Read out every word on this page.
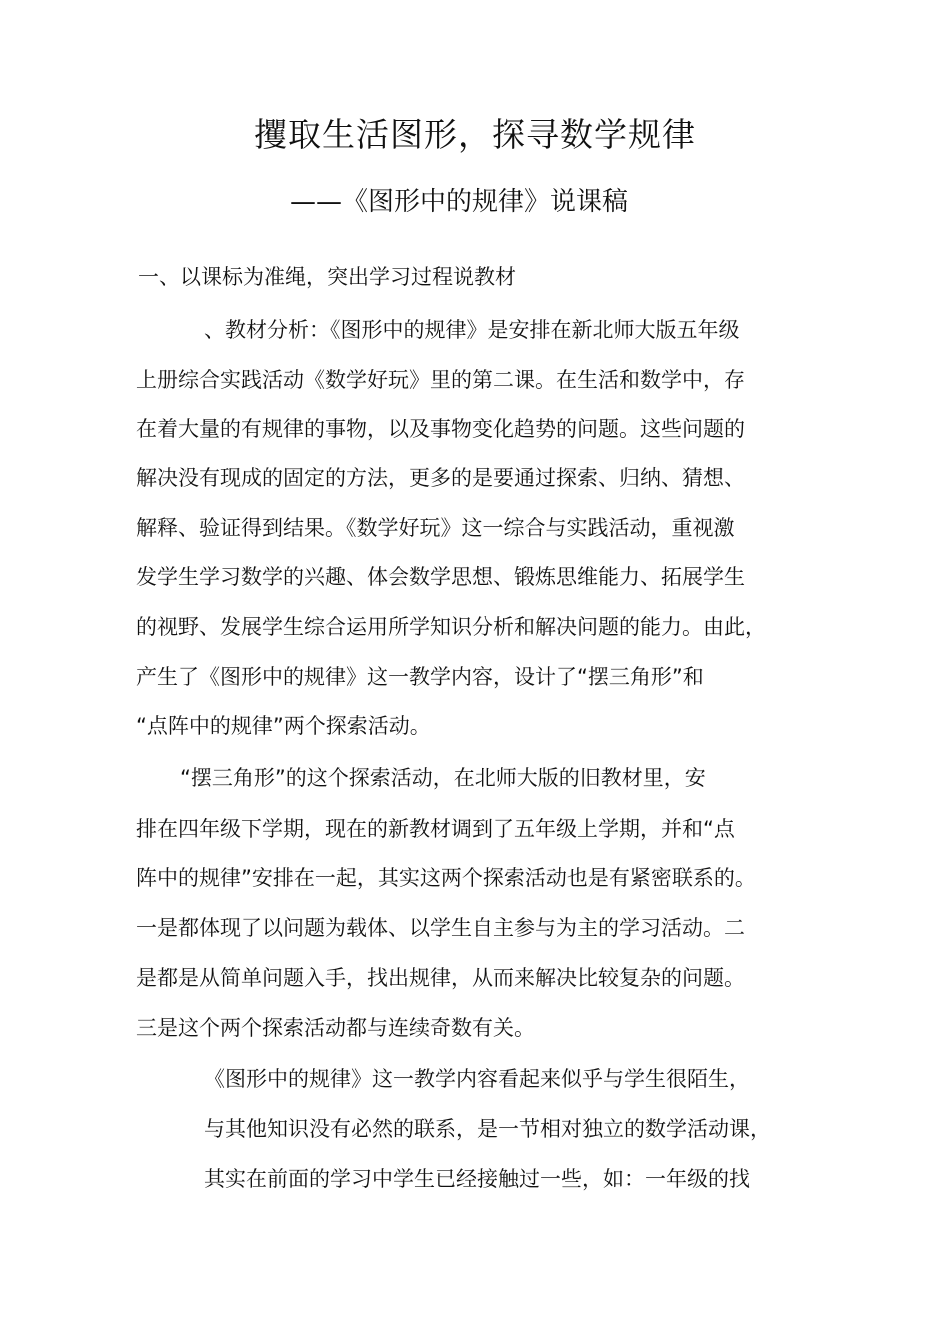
攫取生活图形，探寻数学规律
——《图形中的规律》说课稿
一、以课标为准绳，突出学习过程说教材
、教材分析：《图形中的规律》是安排在新北师大版五年级
上册综合实践活动《数学好玩》里的第二课。在生活和数学中，存
在着大量的有规律的事物，以及事物变化趋势的问题。这些问题的
解决没有现成的固定的方法，更多的是要通过探索、归纳、猜想、
解释、验证得到结果。《数学好玩》这一综合与实践活动，重视激
发学生学习数学的兴趣、体会数学思想、锻炼思维能力、拓展学生
的视野、发展学生综合运用所学知识分析和解决问题的能力。由此，
产生了《图形中的规律》这一教学内容，设计了“摆三角形”和
“点阵中的规律”两个探索活动。
“摆三角形”的这个探索活动，在北师大版的旧教材里，安
排在四年级下学期，现在的新教材调到了五年级上学期，并和“点
阵中的规律”安排在一起，其实这两个探索活动也是有紧密联系的。
一是都体现了以问题为载体、以学生自主参与为主的学习活动。二
是都是从简单问题入手，找出规律，从而来解决比较复杂的问题。
三是这个两个探索活动都与连续奇数有关。
《图形中的规律》这一教学内容看起来似乎与学生很陌生，
与其他知识没有必然的联系，是一节相对独立的数学活动课，
其实在前面的学习中学生已经接触过一些，如：一年级的找
